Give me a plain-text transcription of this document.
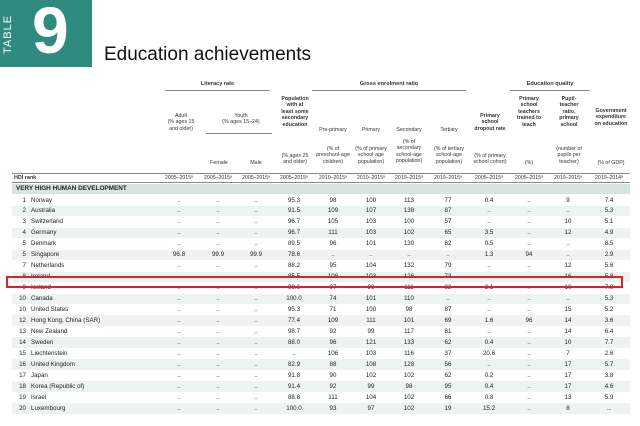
TABLE 9 Education achievements
Literacy rate	Gross enrolment ratio	Education quality
Adult
(% ages 15
and older)
Youth
(% ages 15–24)
Female	Male
Population
with at
least some
secondary
education
(% ages 25
and older)
Pre-primary
(% of
preschool-age
children)
Primary
(% of primary
school-age
population)
Secondary
(% of
secondary
school-age
population)
Tertiary
(% of tertiary
school-age
population)
Primary
school
dropout rate
(% of primary
school cohort)
Primary
school
teachers
trained to
teach
(%)
Pupil-
teacher
ratio,
primary
school
(number of
pupils per
teacher)
Government
expenditure
on education
(% of GDP)
HDI rank	2005–2015ᵃ	2005–2015ᵃ	2005–2015ᵃ	2005–2015ᵃ	2010–2015ᵃ	2010–2015ᵃ	2010–2015ᵃ	2010–2015ᵃ	2005–2015ᵃ	2005–2015ᵃ	2010–2015ᵃ	2010–2014ᵃ
VERY HIGH HUMAN DEVELOPMENT
1 Norway	..	..	..	95.3	98	100	113	77	0.4	..	9	7.4
2 Australia	..	..	..	91.5	109	107	138	87	..	..	..	5.3
3 Switzerland	..	..	..	96.7	105	103	100	57	..	..	10	5.1
4 Germany	..	..	..	96.7	111	103	102	65	3.5	..	12	4.9
5 Denmark	..	..	..	89.5	96	101	130	82	0.5	..	..	8.5
5 Singapore	96.8	99.9	99.9	78.6	..	..	..	..	1.3	94	..	2.9
7 Netherlands	..	..	..	88.2	95	104	132	79	..	..	12	5.6
8 Ireland	..	..	..	85.5	108	103	126	73	..	..	16	5.8
9 Iceland	..	..	..	98.6	97	99	111	82	2.1	..	10	7.0
10 Canada	..	..	..	100.0	74	101	110	..	..	..	..	5.3
10 United States	..	..	..	95.3	71	100	98	87	..	..	15	5.2
12 Hong Kong, China (SAR)	..	..	..	77.4	109	111	101	69	1.6	96	14	3.6
13 New Zealand	..	..	..	98.7	92	99	117	81	..	..	14	6.4
14 Sweden	..	..	..	88.0	96	121	133	62	0.4	..	10	7.7
15 Liechtenstein	..	..	..	..	106	103	116	37	20.6	..	7	2.6
16 United Kingdom	..	..	..	82.9	88	108	128	56	..	..	17	5.7
17 Japan	..	..	..	91.8	90	102	102	62	0.2	..	17	3.8
18 Korea (Republic of)	..	..	..	91.4	92	99	98	95	0.4	..	17	4.6
19 Israel	..	..	..	88.8	111	104	102	66	0.8	..	13	5.9
20 Luxembourg	..	..	..	100.0	93	97	102	19	15.2	..	8	...
